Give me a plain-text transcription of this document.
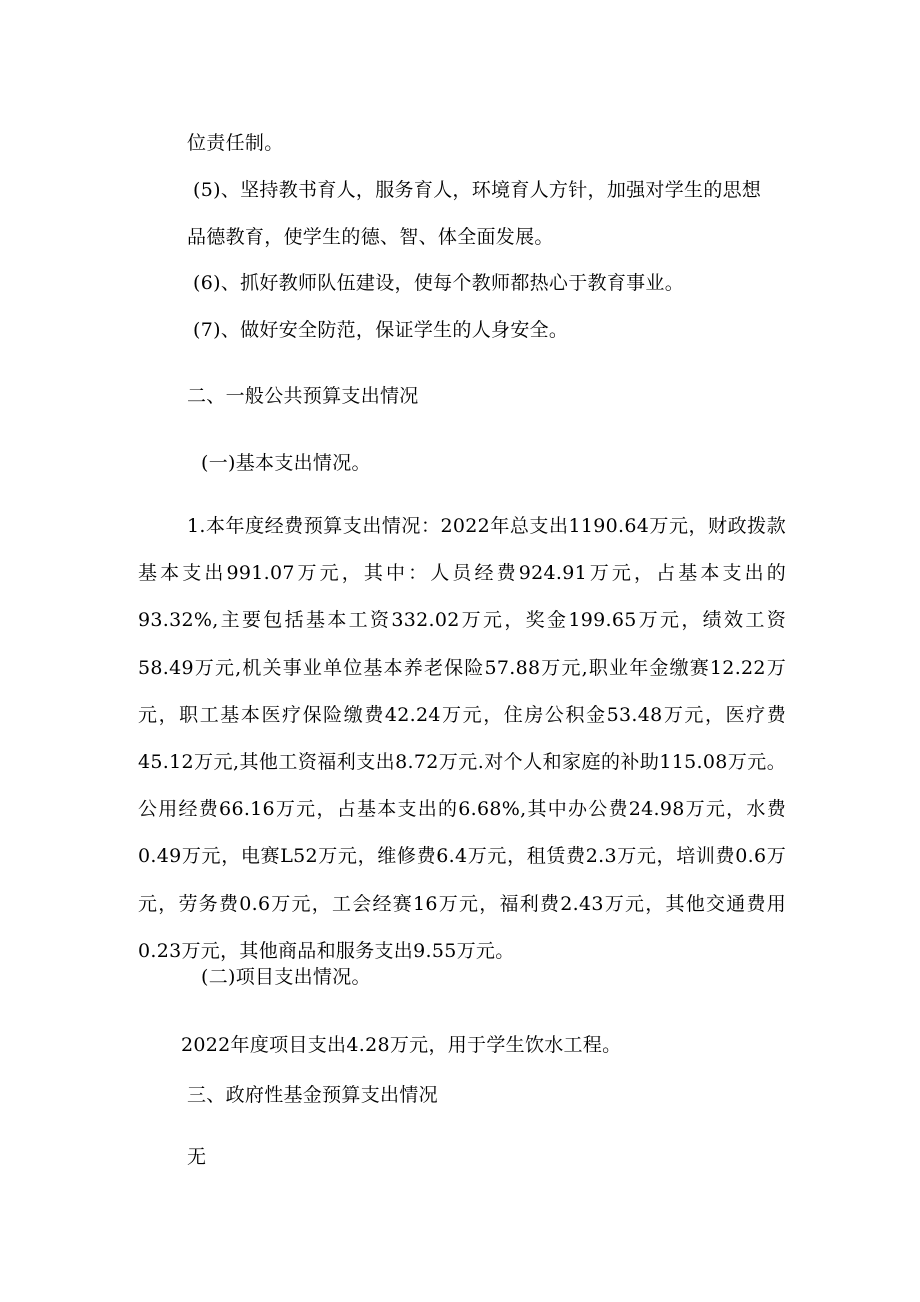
位责任制。
(5)、坚持教书育人，服务育人，环境育人方针，加强对学生的思想
品德教育，使学生的德、智、体全面发展。
(6)、抓好教师队伍建设，使每个教师都热心于教育事业。
(7)、做好安全防范，保证学生的人身安全。
二、一般公共预算支出情况
(一)基本支出情况。
1.本年度经费预算支出情况：2022年总支出1190.64万元，财政拨款基本支出991.07万元，其中：人员经费924.91万元，占基本支出的93.32%,主要包括基本工资332.02万元，奖金199.65万元，绩效工资58.49万元,机关事业单位基本养老保险57.88万元,职业年金缴赛12.22万元，职工基本医疗保险缴费42.24万元，住房公积金53.48万元，医疗费45.12万元,其他工资福利支出8.72万元.对个人和家庭的补助115.08万元。公用经费66.16万元，占基本支出的6.68%,其中办公费24.98万元，水费0.49万元，电赛L52万元，维修费6.4万元，租赁费2.3万元，培训费0.6万元，劳务费0.6万元，工会经赛16万元，福利费2.43万元，其他交通费用0.23万元，其他商品和服务支出9.55万元。
(二)项目支出情况。
2022年度项目支出4.28万元，用于学生饮水工程。
三、政府性基金预算支出情况
无
